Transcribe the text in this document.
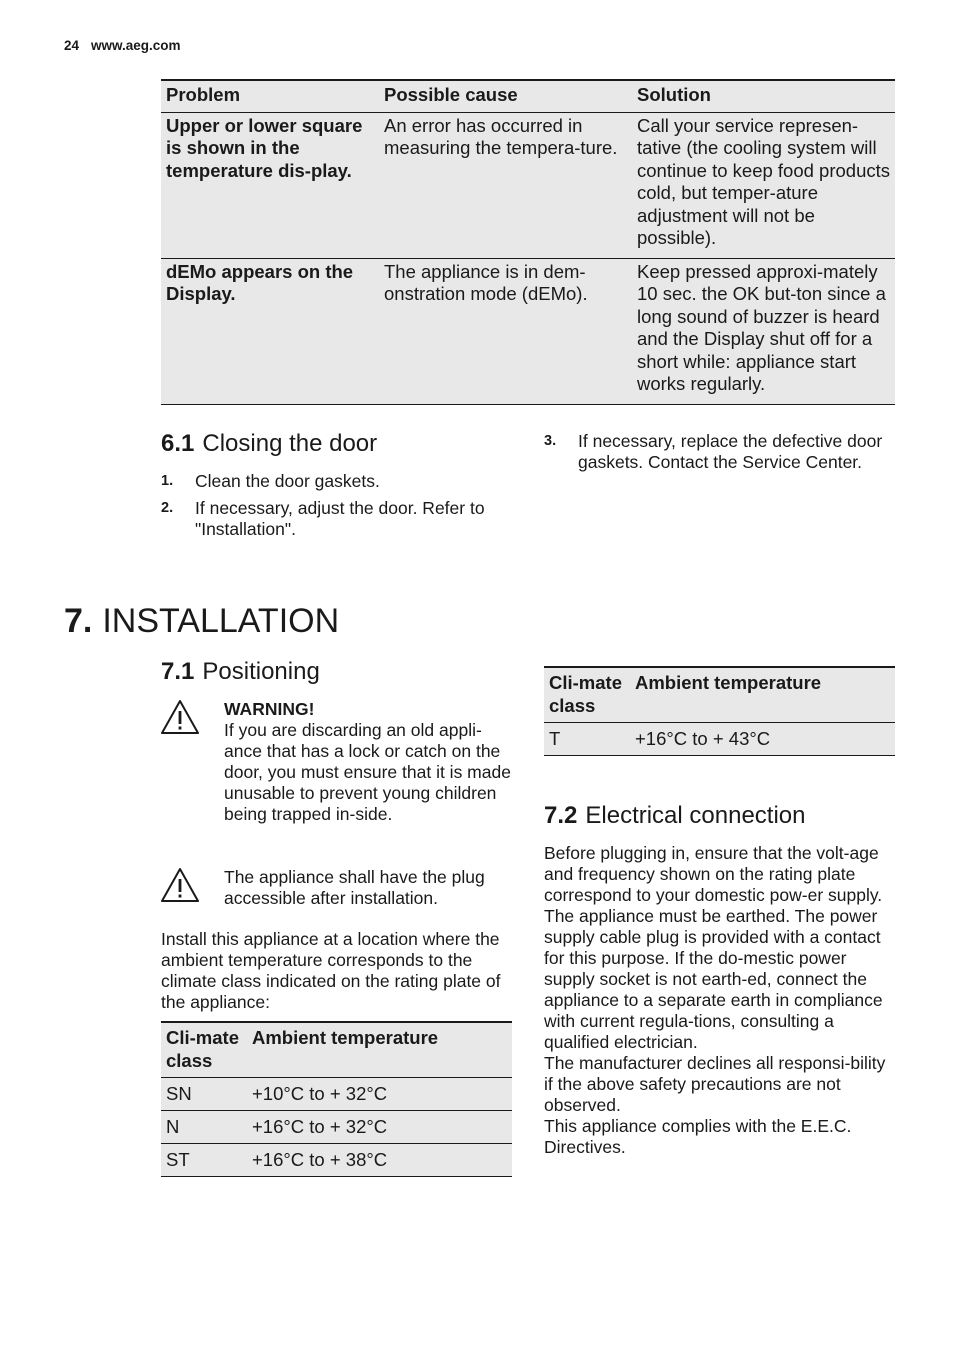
24 www.aeg.com
Problem	Possible cause	Solution
Upper or lower square is shown in the temperature dis-play.	An error has occurred in measuring the tempera-ture.	Call your service represen-tative (the cooling system will continue to keep food products cold, but temper-ature adjustment will not be possible).
dEMo appears on the Display.	The appliance is in dem-onstration mode (dEMo).	Keep pressed approxi-mately 10 sec. the OK but-ton since a long sound of buzzer is heard and the Display shut off for a short while: appliance start works regularly.
6.1 Closing the door
1.	Clean the door gaskets.
2.	If necessary, adjust the door. Refer to "Installation".
3.	If necessary, replace the defective door gaskets. Contact the Service Center.
7. INSTALLATION
7.1 Positioning
WARNING!
If you are discarding an old appli-ance that has a lock or catch on the door, you must ensure that it is made unusable to prevent young children being trapped in-side.
The appliance shall have the plug accessible after installation.

Install this appliance at a location where the ambient temperature corresponds to the climate class indicated on the rating plate of the appliance:

Cli-mate class	Ambient temperature
SN	+10°C to + 32°C
N	+16°C to + 32°C
ST	+16°C to + 38°C
Cli-mate class	Ambient temperature
T	+16°C to + 43°C
7.2 Electrical connection

Before plugging in, ensure that the volt-age and frequency shown on the rating plate correspond to your domestic pow-er supply.

The appliance must be earthed. The power supply cable plug is provided with a contact for this purpose. If the do-mestic power supply socket is not earth-ed, connect the appliance to a separate earth in compliance with current regula-tions, consulting a qualified electrician.

The manufacturer declines all responsi-bility if the above safety precautions are not observed.

This appliance complies with the E.E.C. Directives.
